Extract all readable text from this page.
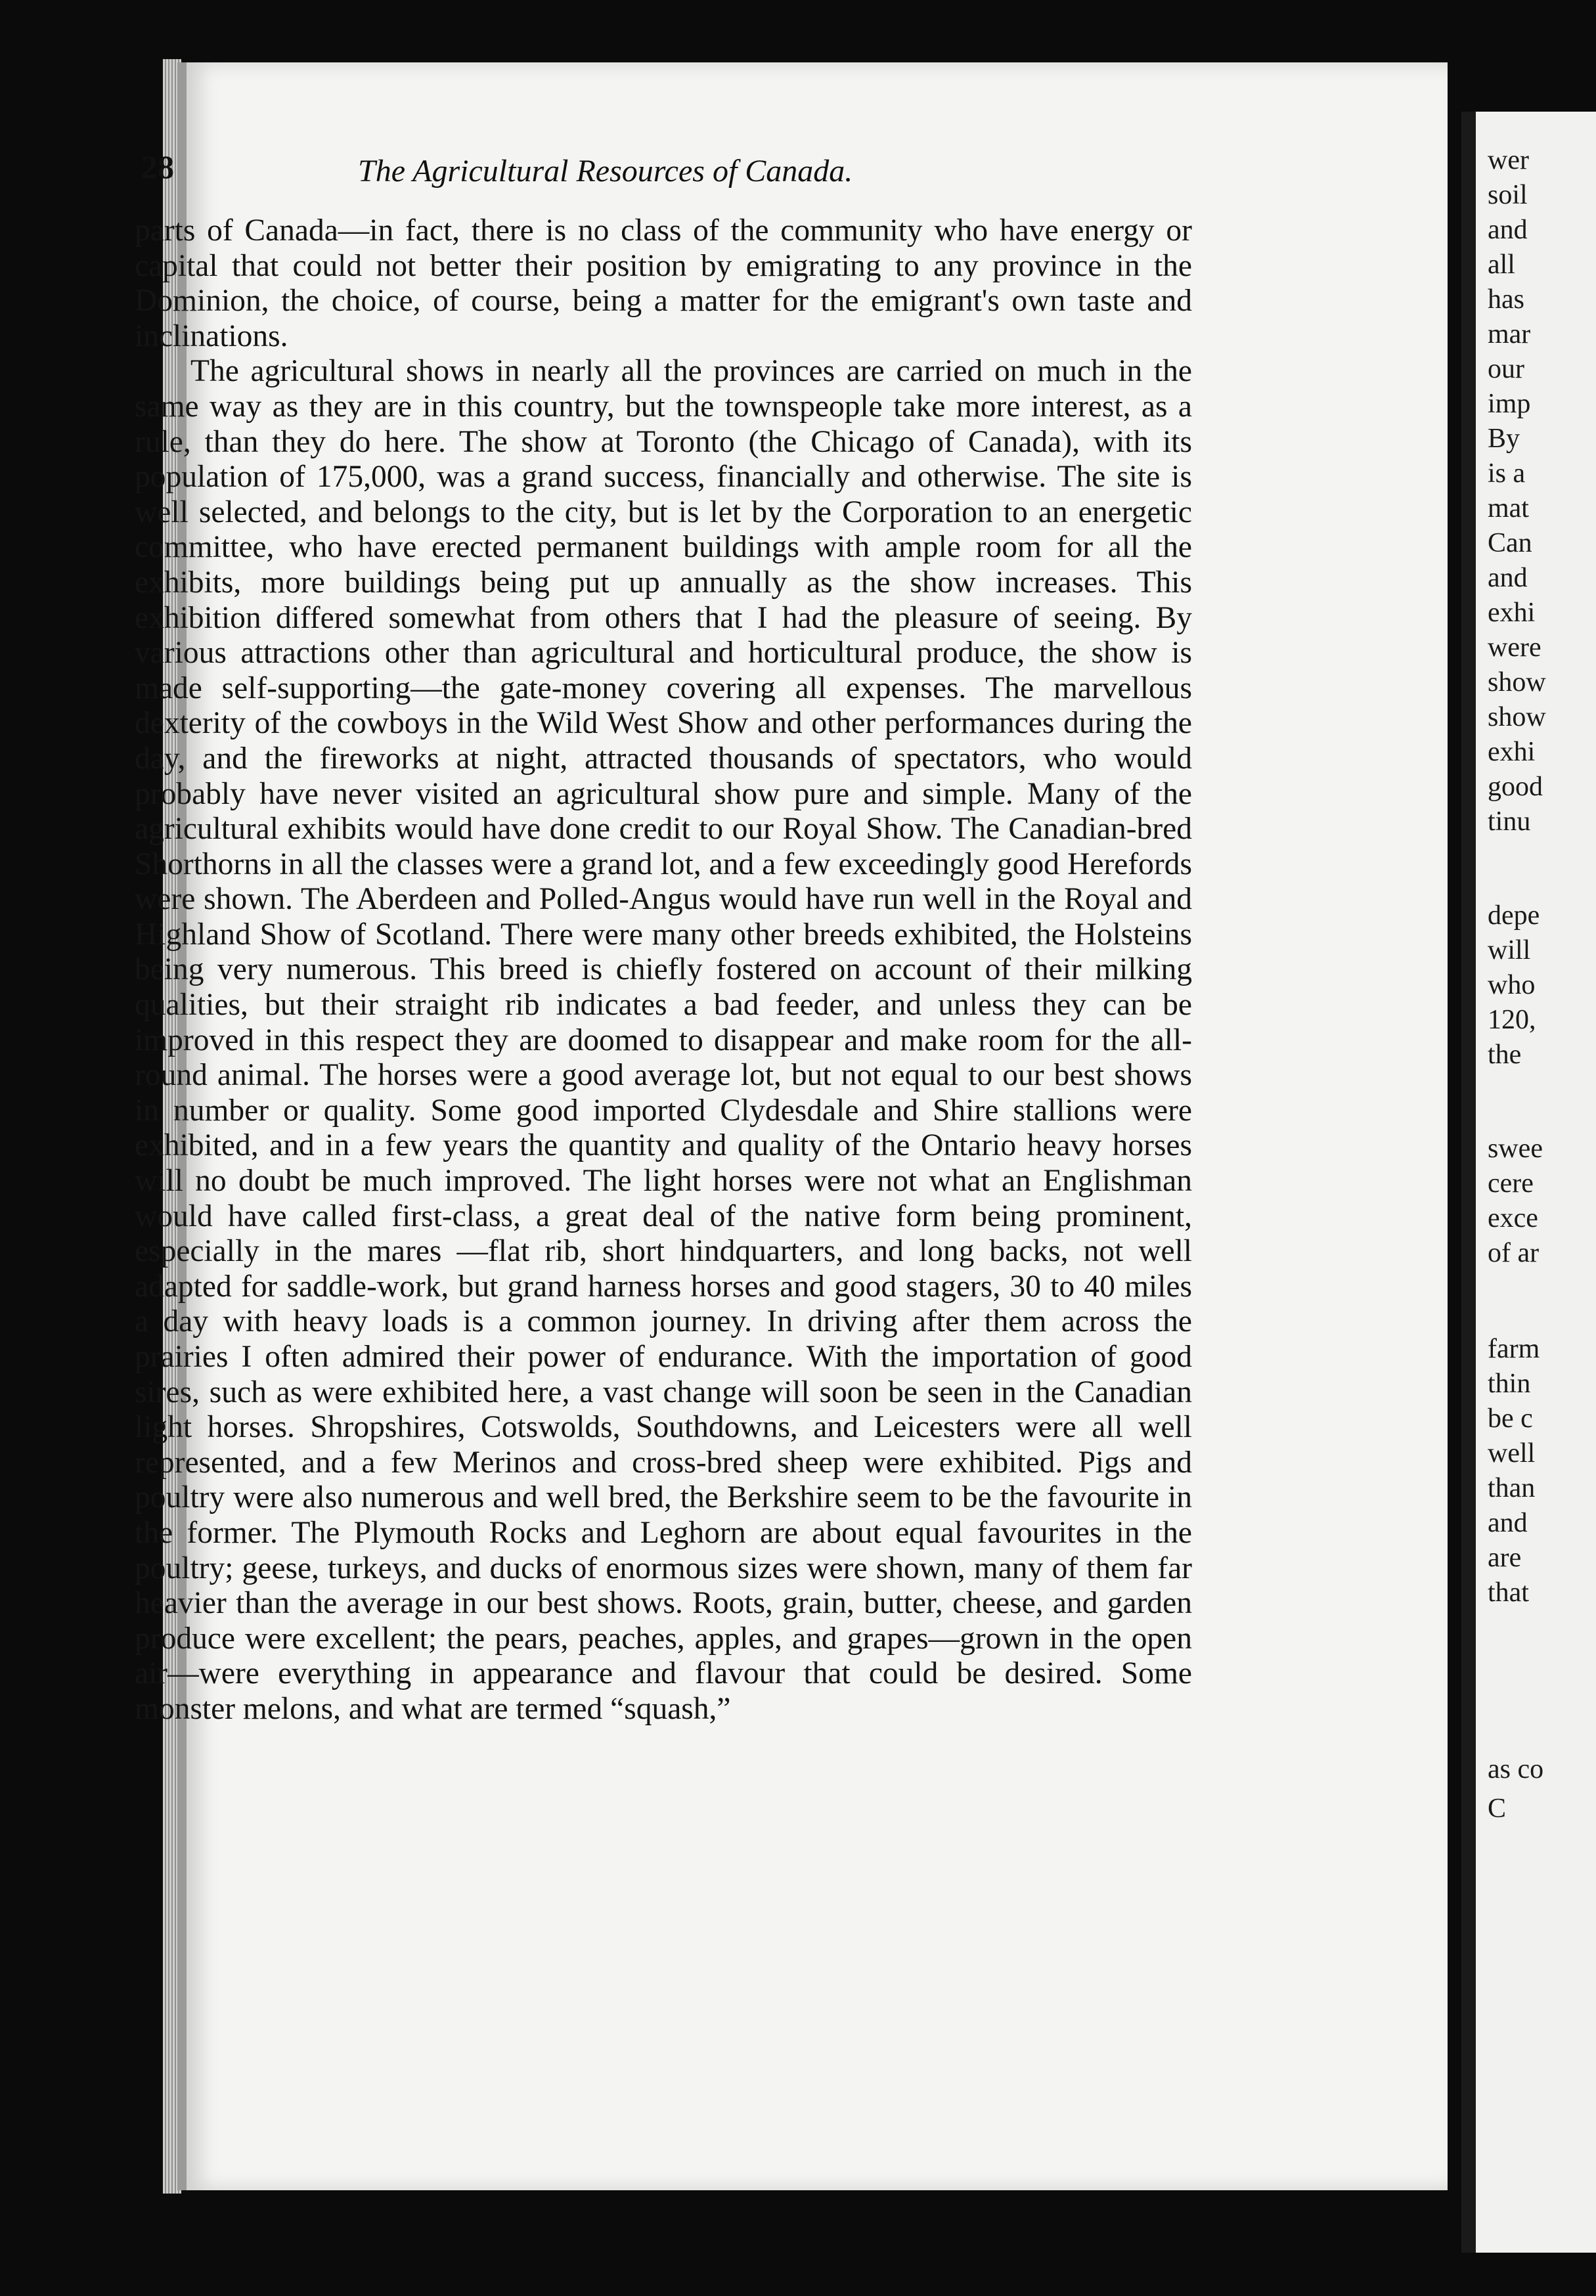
28	The Agricultural Resources of Canada.

parts of Canada—in fact, there is no class of the community who have energy or capital that could not better their position by emigrating to any province in the Dominion, the choice, of course, being a matter for the emigrant's own taste and inclinations.

The agricultural shows in nearly all the provinces are carried on much in the same way as they are in this country, but the townspeople take more interest, as a rule, than they do here. The show at Toronto (the Chicago of Canada), with its population of 175,000, was a grand success, financially and otherwise. The site is well selected, and belongs to the city, but is let by the Corporation to an energetic committee, who have erected permanent buildings with ample room for all the exhibits, more buildings being put up annually as the show increases. This exhibition differed somewhat from others that I had the pleasure of seeing. By various attractions other than agricultural and horticultural produce, the show is made self-supporting—the gate-money covering all expenses. The marvellous dexterity of the cowboys in the Wild West Show and other performances during the day, and the fireworks at night, attracted thousands of spectators, who would probably have never visited an agricultural show pure and simple. Many of the agricultural exhibits would have done credit to our Royal Show. The Canadian-bred Shorthorns in all the classes were a grand lot, and a few exceedingly good Herefords were shown. The Aberdeen and Polled-Angus would have run well in the Royal and Highland Show of Scotland. There were many other breeds exhibited, the Holsteins being very numerous. This breed is chiefly fostered on account of their milking qualities, but their straight rib indicates a bad feeder, and unless they can be improved in this respect they are doomed to disappear and make room for the all-round animal. The horses were a good average lot, but not equal to our best shows in number or quality. Some good imported Clydesdale and Shire stallions were exhibited, and in a few years the quantity and quality of the Ontario heavy horses will no doubt be much improved. The light horses were not what an Englishman would have called first-class, a great deal of the native form being prominent, especially in the mares —flat rib, short hindquarters, and long backs, not well adapted for saddle-work, but grand harness horses and good stagers, 30 to 40 miles a day with heavy loads is a common journey. In driving after them across the prairies I often admired their power of endurance. With the importation of good sires, such as were exhibited here, a vast change will soon be seen in the Canadian light horses. Shropshires, Cotswolds, Southdowns, and Leicesters were all well represented, and a few Merinos and cross-bred sheep were exhibited. Pigs and poultry were also numerous and well bred, the Berkshire seem to be the favourite in the former. The Plymouth Rocks and Leghorn are about equal favourites in the poultry; geese, turkeys, and ducks of enormous sizes were shown, many of them far heavier than the average in our best shows. Roots, grain, butter, cheese, and garden produce were excellent; the pears, peaches, apples, and grapes—grown in the open air—were everything in appearance and flavour that could be desired. Some monster melons, and what are termed “squash,”

wer
soil
and
all
has
mar
our
imp
By
is a
mat
Can
and
exhi
were
show
show
exhi
good
tinu
depe
will
who
120,
the
swee
cere
exce
of ar
farm
thin
be c
well
than
and
are
that
as co
C
